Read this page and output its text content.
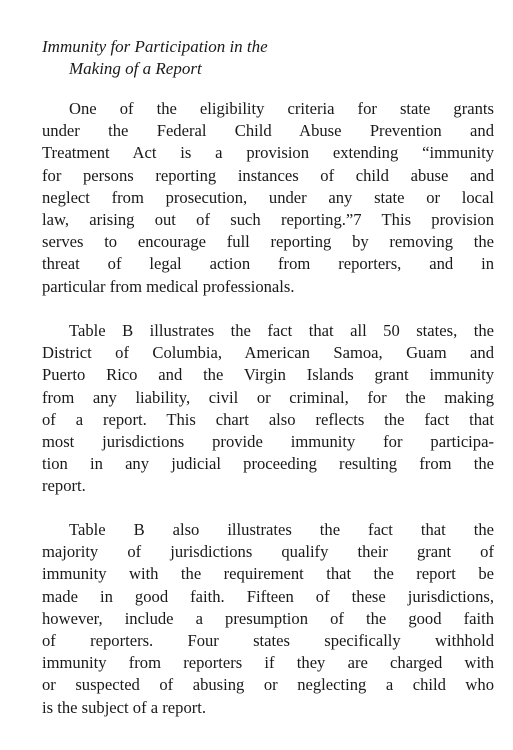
Immunity for Participation in the
Making of a Report
One of the eligibility criteria for state grants
under the Federal Child Abuse Prevention and
Treatment Act is a provision extending “immunity
for persons reporting instances of child abuse and
neglect from prosecution, under any state or local
law, arising out of such reporting.”7 This provision
serves to encourage full reporting by removing the
threat of legal action from reporters, and in
particular from medical professionals.
Table B illustrates the fact that all 50 states, the
District of Columbia, American Samoa, Guam and
Puerto Rico and the Virgin Islands grant immunity
from any liability, civil or criminal, for the making
of a report. This chart also reflects the fact that
most jurisdictions provide immunity for participa-
tion in any judicial proceeding resulting from the
report.
Table B also illustrates the fact that the
majority of jurisdictions qualify their grant of
immunity with the requirement that the report be
made in good faith. Fifteen of these jurisdictions,
however, include a presumption of the good faith
of reporters. Four states specifically withhold
immunity from reporters if they are charged with
or suspected of abusing or neglecting a child who
is the subject of a report.
